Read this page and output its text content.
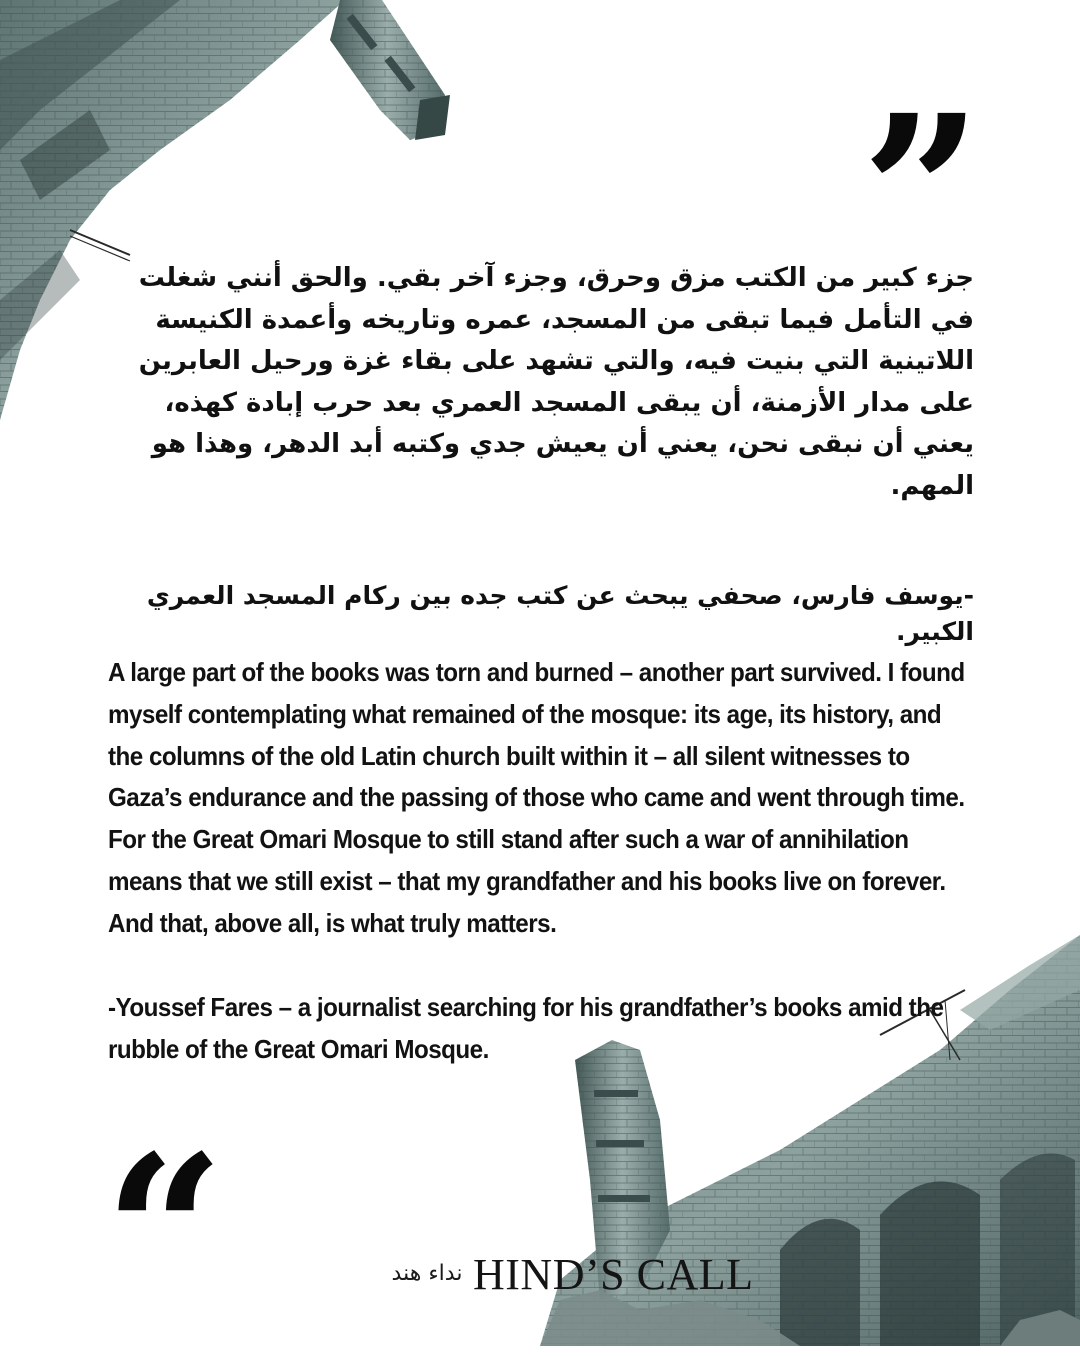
”
جزء كبير من الكتب مزق وحرق، وجزء آخر بقي. والحق أنني شغلت في التأمل فيما تبقى من المسجد، عمره وتاريخه وأعمدة الكنيسة اللاتينية التي بنيت فيه، والتي تشهد على بقاء غزة ورحيل العابرين على مدار الأزمنة، أن يبقى المسجد العمري بعد حرب إبادة كهذه، يعني أن نبقى نحن، يعني أن يعيش جدي وكتبه أبد الدهر، وهذا هو المهم.
-يوسف فارس، صحفي يبحث عن كتب جده بين ركام المسجد العمري الكبير.
A large part of the books was torn and burned – another part survived. I found myself contemplating what remained of the mosque: its age, its history, and the columns of the old Latin church built within it – all silent witnesses to Gaza’s endurance and the passing of those who came and went through time. For the Great Omari Mosque to still stand after such a war of annihilation means that we still exist – that my grandfather and his books live on forever. And that, above all, is what truly matters.
-Youssef Fares – a journalist searching for his grandfather’s books amid the rubble of the Great Omari Mosque.
“	نداء هند HIND’S CALL
